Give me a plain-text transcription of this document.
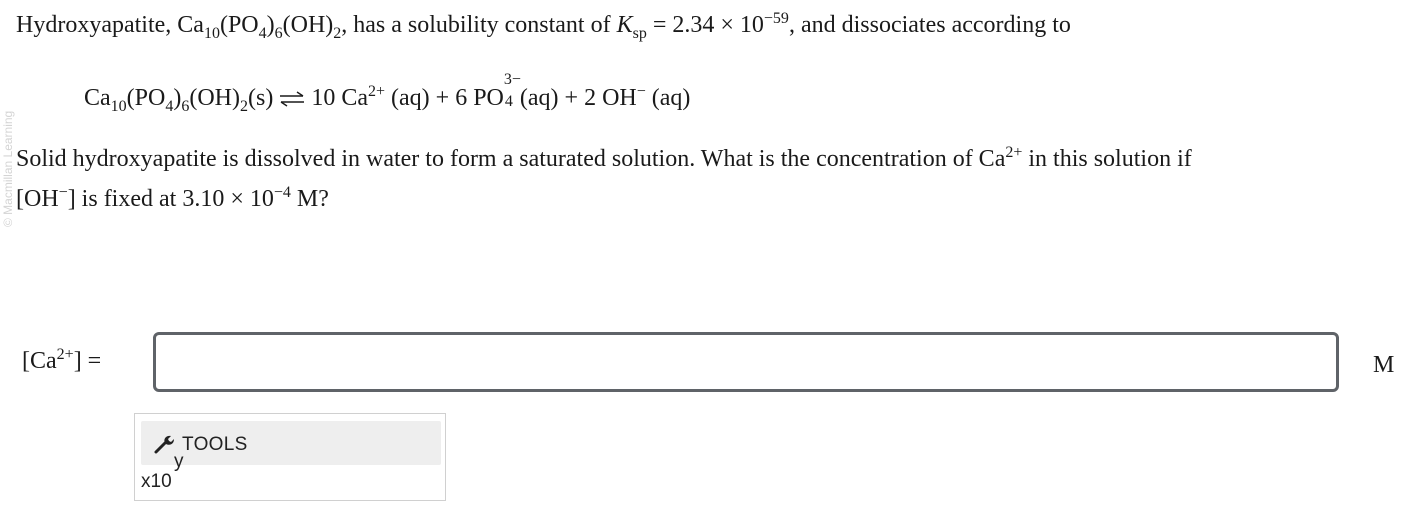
© Macmillan Learning
Hydroxyapatite, $Ca_{10}(PO_4)_6(OH)_2$, has a solubility constant of $K_{sp} = 2.34 \times 10^{-59}$, and dissociates according to
$Ca_{10}(PO_4)_6(OH)_2(s)$ ⇌ 10 $Ca^{2+}$ (aq) + 6 PO
3−
4 (aq) + 2 OH− (aq)
Solid hydroxyapatite is dissolved in water to form a saturated solution. What is the concentration of $Ca^{2+}$ in this solution if
[OH−] is fixed at $3.10 \times 10^{-4}$ M?
$[Ca^{2+}]$ =	M
TOOLS
y
x10
